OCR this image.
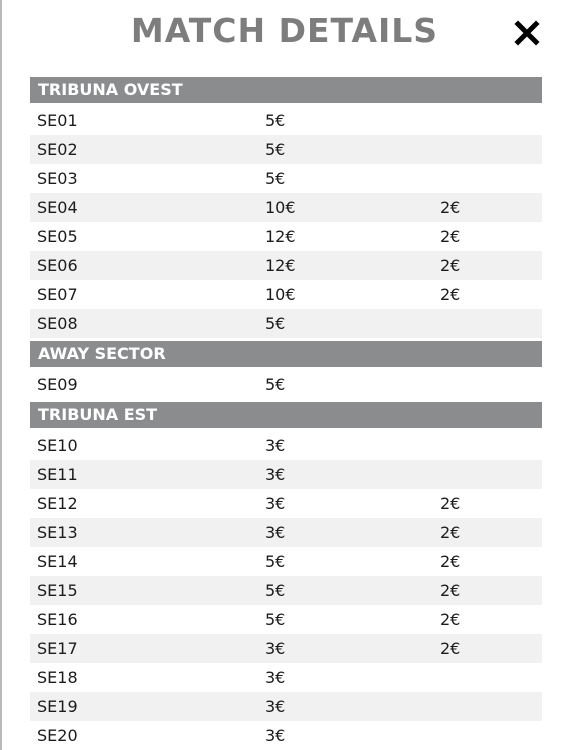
MATCH DETAILS
TRIBUNA OVEST
SE01	5€
SE02	5€
SE03	5€
SE04	10€	2€
SE05	12€	2€
SE06	12€	2€
SE07	10€	2€
SE08	5€
AWAY SECTOR
SE09	5€
TRIBUNA EST
SE10	3€
SE11	3€
SE12	3€	2€
SE13	3€	2€
SE14	5€	2€
SE15	5€	2€
SE16	5€	2€
SE17	3€	2€
SE18	3€
SE19	3€
SE20	3€
